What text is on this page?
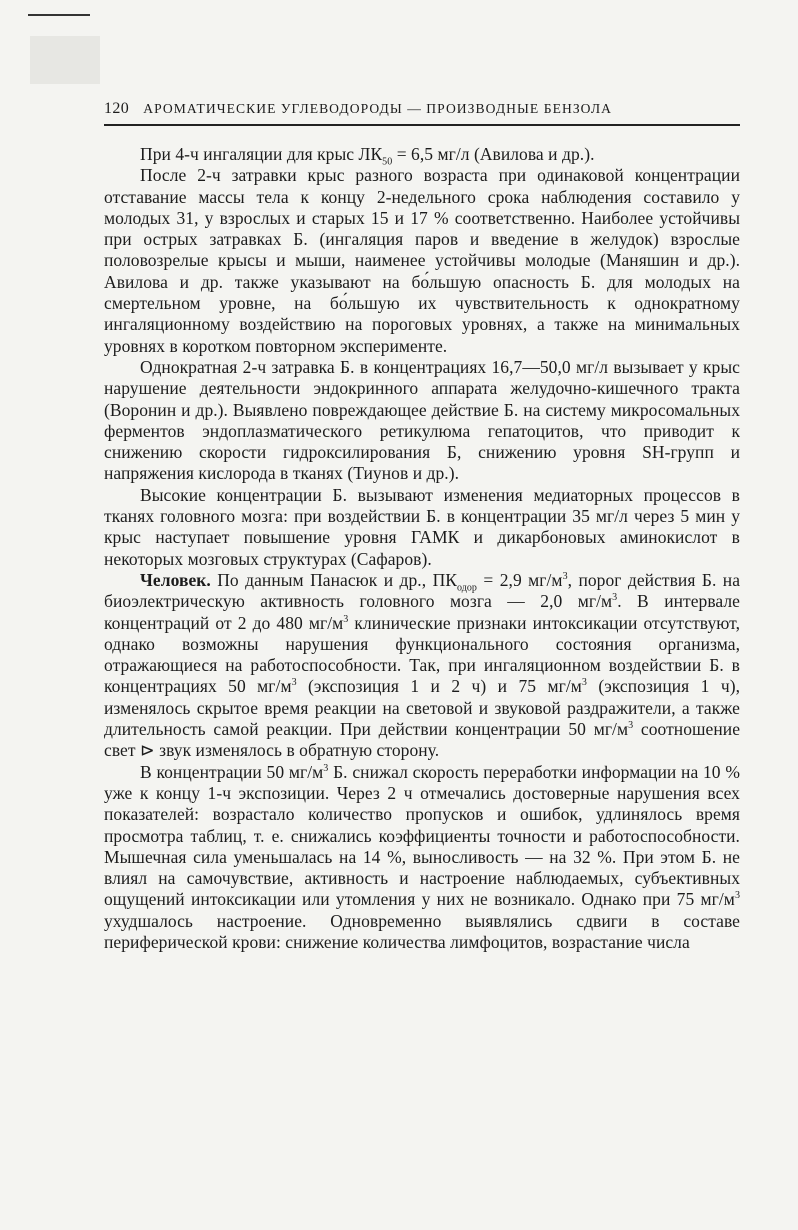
120 АРОМАТИЧЕСКИЕ УГЛЕВОДОРОДЫ — ПРОИЗВОДНЫЕ БЕНЗОЛА

При 4-ч ингаляции для крыс $ЛК_{50} = 6,5$ мг/л (Авилова и др.).

После 2-ч затравки крыс разного возраста при одинаковой концентрации отставание массы тела к концу 2-недельного срока наблюдения составило у молодых 31, у взрослых и старых 15 и 17 % соответственно. Наиболее устойчивы при острых затравках Б. (ингаляция паров и введение в желудок) взрослые половозрелые крысы и мыши, наименее устойчивы молодые (Маняшин и др.). Авилова и др. также указывают на бо́льшую опасность Б. для молодых на смертельном уровне, на бо́льшую их чувствительность к однократному ингаляционному воздействию на пороговых уровнях, а также на минимальных уровнях в коротком повторном эксперименте.

Однократная 2-ч затравка Б. в концентрациях 16,7—50,0 мг/л вызывает у крыс нарушение деятельности эндокринного аппарата желудочно-кишечного тракта (Воронин и др.). Выявлено повреждающее действие Б. на систему микросомальных ферментов эндоплазматического ретикулюма гепатоцитов, что приводит к снижению скорости гидроксилирования Б, снижению уровня SH-групп и напряжения кислорода в тканях (Тиунов и др.).

Высокие концентрации Б. вызывают изменения медиаторных процессов в тканях головного мозга: при воздействии Б. в концентрации 35 мг/л через 5 мин у крыс наступает повышение уровня ГАМК и дикарбоновых аминокислот в некоторых мозговых структурах (Сафаров).

Человек. По данным Панасюк и др., $ПК_{одор} = 2,9$ $мг/м^3$, порог действия Б. на биоэлектрическую активность головного мозга — 2,0 $мг/м^3$. В интервале концентраций от 2 до 480 $мг/м^3$ клинические признаки интоксикации отсутствуют, однако возможны нарушения функционального состояния организма, отражающиеся на работоспособности. Так, при ингаляционном воздействии Б. в концентрациях 50 $мг/м^3$ (экспозиция 1 и 2 ч) и 75 $мг/м^3$ (экспозиция 1 ч), изменялось скрытое время реакции на световой и звуковой раздражители, а также длительность самой реакции. При действии концентрации 50 $мг/м^3$ соотношение свет ⊳ звук изменялось в обратную сторону.

В концентрации 50 $мг/м^3$ Б. снижал скорость переработки информации на 10 % уже к концу 1-ч экспозиции. Через 2 ч отмечались достоверные нарушения всех показателей: возрастало количество пропусков и ошибок, удлинялось время просмотра таблиц, т. е. снижались коэффициенты точности и работоспособности. Мышечная сила уменьшалась на 14 %, выносливость — на 32 %. При этом Б. не влиял на самочувствие, активность и настроение наблюдаемых, субъективных ощущений интоксикации или утомления у них не возникало. Однако при 75 $мг/м^3$ ухудшалось настроение. Одновременно выявлялись сдвиги в составе периферической крови: снижение количества лимфоцитов, возрастание числа
